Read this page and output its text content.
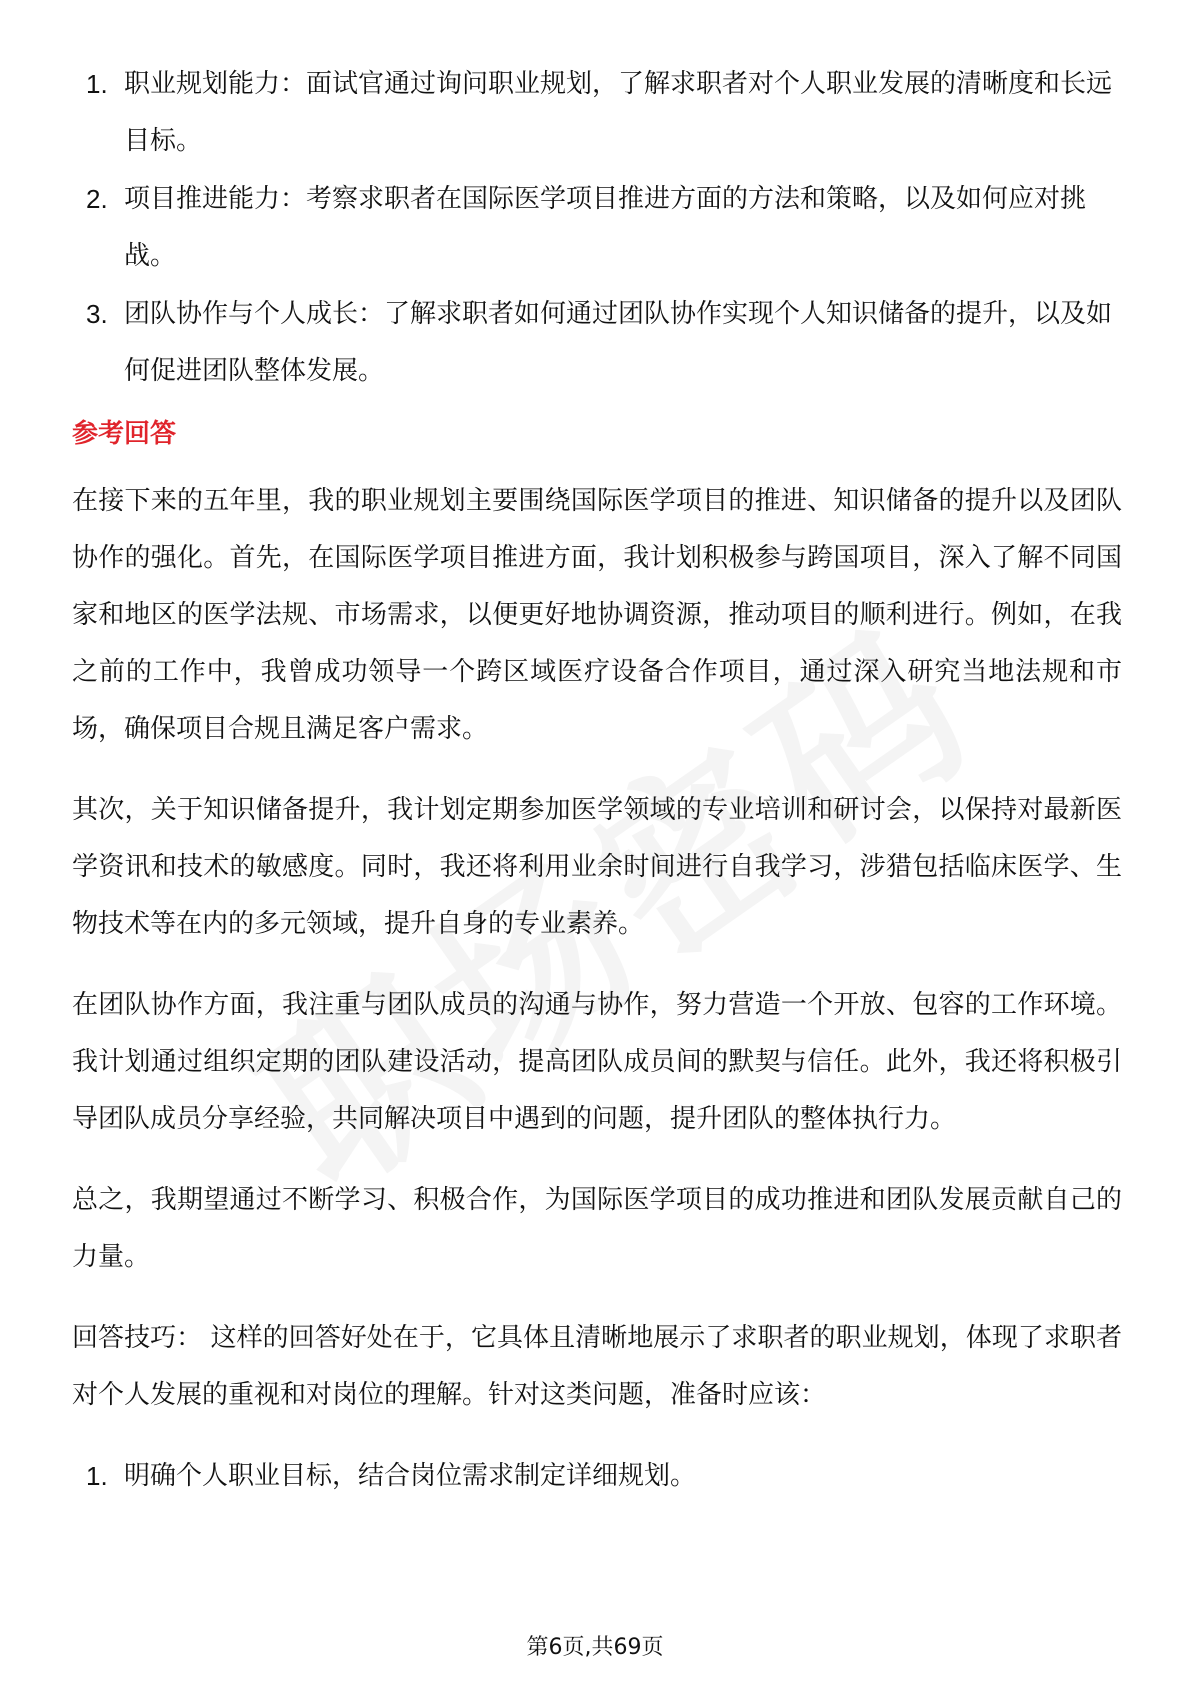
1. 职业规划能力：面试官通过询问职业规划，了解求职者对个人职业发展的清晰度和长远目标。
2. 项目推进能力：考察求职者在国际医学项目推进方面的方法和策略，以及如何应对挑战。
3. 团队协作与个人成长：了解求职者如何通过团队协作实现个人知识储备的提升，以及如何促进团队整体发展。
参考回答

在接下来的五年里，我的职业规划主要围绕国际医学项目的推进、知识储备的提升以及团队协作的强化。首先，在国际医学项目推进方面，我计划积极参与跨国项目，深入了解不同国家和地区的医学法规、市场需求，以便更好地协调资源，推动项目的顺利进行。例如，在我之前的工作中，我曾成功领导一个跨区域医疗设备合作项目，通过深入研究当地法规和市场，确保项目合规且满足客户需求。

其次，关于知识储备提升，我计划定期参加医学领域的专业培训和研讨会，以保持对最新医学资讯和技术的敏感度。同时，我还将利用业余时间进行自我学习，涉猎包括临床医学、生物技术等在内的多元领域，提升自身的专业素养。

在团队协作方面，我注重与团队成员的沟通与协作，努力营造一个开放、包容的工作环境。我计划通过组织定期的团队建设活动，提高团队成员间的默契与信任。此外，我还将积极引导团队成员分享经验，共同解决项目中遇到的问题，提升团队的整体执行力。

总之，我期望通过不断学习、积极合作，为国际医学项目的成功推进和团队发展贡献自己的力量。

回答技巧： 这样的回答好处在于，它具体且清晰地展示了求职者的职业规划，体现了求职者对个人发展的重视和对岗位的理解。针对这类问题，准备时应该：

1. 明确个人职业目标，结合岗位需求制定详细规划。
第6页,共69页
